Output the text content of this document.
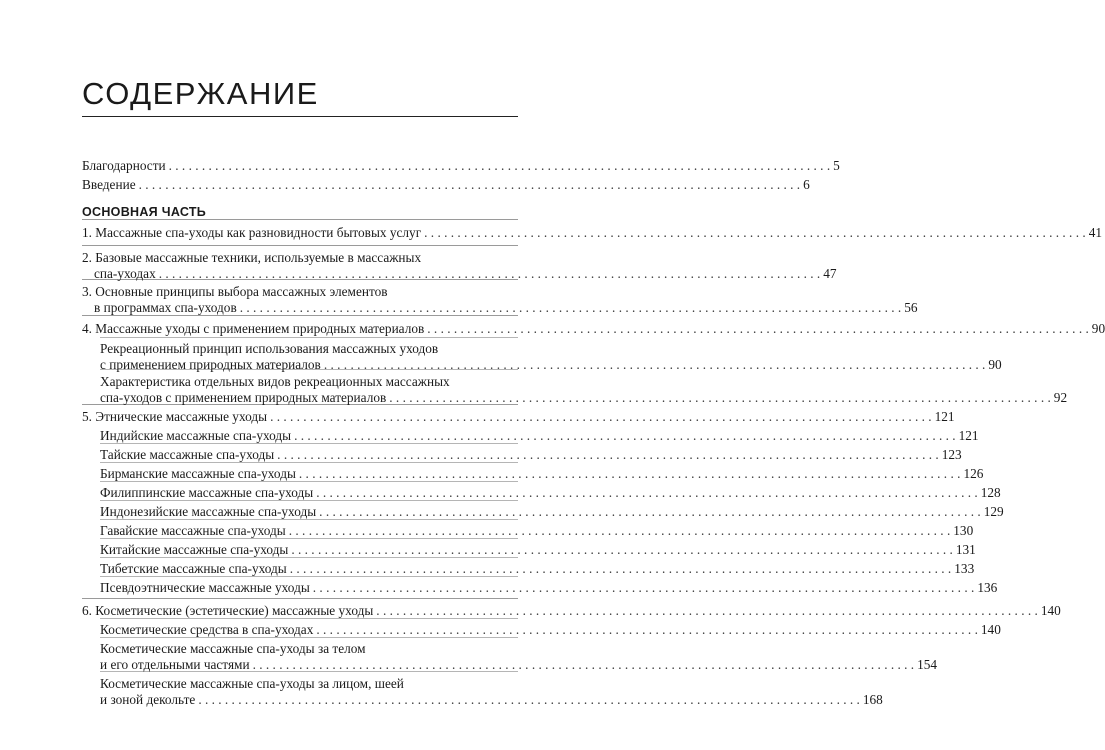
СОДЕРЖАНИЕ
ОСНОВНАЯ ЧАСТЬ
Благодарности . . .	5
Введение . . .	6
1. Массажные спа-уходы как разновидности бытовых услуг . . .	41
2. Базовые массажные техники, используемые в массажных
спа-уходах . . .	47
3. Основные принципы выбора массажных элементов
в программах спа-уходов . . .	56
4. Массажные уходы с применением природных материалов . . .	90
Рекреационный принцип использования массажных уходов
с применением природных материалов . . .	90
Характеристика отдельных видов рекреационных массажных
спа-уходов с применением природных материалов . . .	92
5. Этнические массажные уходы . . .	121
Индийские массажные спа-уходы . . .	121
Тайские массажные спа-уходы . . .	123
Бирманские массажные спа-уходы . . .	126
Филиппинские массажные спа-уходы . . .	128
Индонезийские массажные спа-уходы . . .	129
Гавайские массажные спа-уходы . . .	130
Китайские массажные спа-уходы . . .	131
Тибетские массажные спа-уходы . . .	133
Псевдоэтнические массажные уходы . . .	136
6. Косметические (эстетические) массажные уходы . . .	140
Косметические средства в спа-уходах . . .	140
Косметические массажные спа-уходы за телом
и его отдельными частями . . .	154
Косметические массажные спа-уходы за лицом, шеей
и зоной декольте . . .	168
